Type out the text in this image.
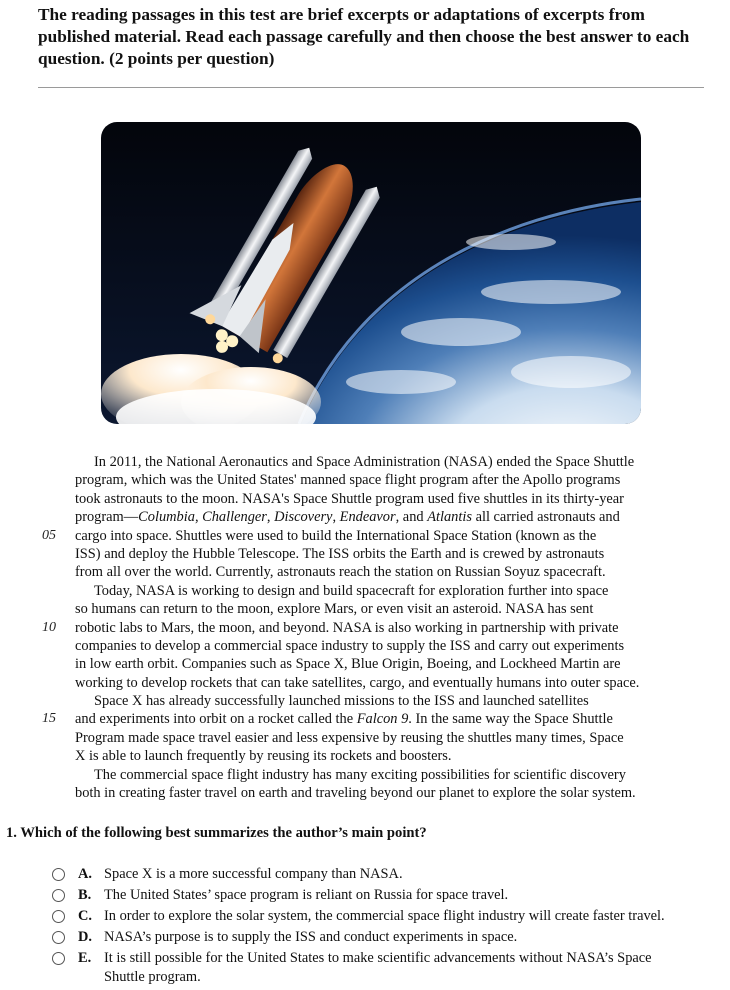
The reading passages in this test are brief excerpts or adaptations of excerpts from published material. Read each passage carefully and then choose the best answer to each question. (2 points per question)

In 2011, the National Aeronautics and Space Administration (NASA) ended the Space Shuttle
program, which was the United States' manned space flight program after the Apollo programs
took astronauts to the moon. NASA's Space Shuttle program used five shuttles in its thirty-year
program—Columbia, Challenger, Discovery, Endeavor, and Atlantis all carried astronauts and
05 cargo into space. Shuttles were used to build the International Space Station (known as the
ISS) and deploy the Hubble Telescope. The ISS orbits the Earth and is crewed by astronauts
from all over the world. Currently, astronauts reach the station on Russian Soyuz spacecraft.
Today, NASA is working to design and build spacecraft for exploration further into space
so humans can return to the moon, explore Mars, or even visit an asteroid. NASA has sent
10 robotic labs to Mars, the moon, and beyond. NASA is also working in partnership with private
companies to develop a commercial space industry to supply the ISS and carry out experiments
in low earth orbit. Companies such as Space X, Blue Origin, Boeing, and Lockheed Martin are
working to develop rockets that can take satellites, cargo, and eventually humans into outer space.
Space X has already successfully launched missions to the ISS and launched satellites
15 and experiments into orbit on a rocket called the Falcon 9. In the same way the Space Shuttle
Program made space travel easier and less expensive by reusing the shuttles many times, Space
X is able to launch frequently by reusing its rockets and boosters.
The commercial space flight industry has many exciting possibilities for scientific discovery
both in creating faster travel on earth and traveling beyond our planet to explore the solar system.
1. Which of the following best summarizes the author’s main point?
A. Space X is a more successful company than NASA.
B. The United States’ space program is reliant on Russia for space travel.
C. In order to explore the solar system, the commercial space flight industry will create faster travel.
D. NASA’s purpose is to supply the ISS and conduct experiments in space.
E. It is still possible for the United States to make scientific advancements without NASA’s Space
Shuttle program.
